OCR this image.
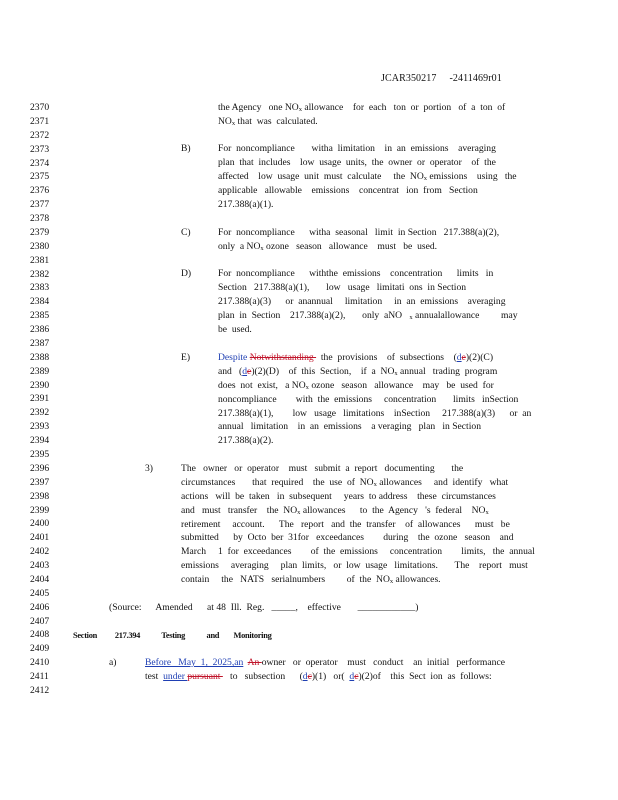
JCAR350217     -2411469r01
2370
2371
2372
2373
2374
2375
2376
2377
2378
2379
2380
2381
2382
2383
2384
2385
2386
2387
2388
2389
2390
2391
2392
2393
2394
2395
2396
2397
2398
2399
2400
2401
2402
2403
2404
2405
2406
2407
2408
2409
2410
2411
2412
B)
C)
D)
E)
3)
a)
the Agency   one NOx allowance    for  each   ton  or  portion   of  a  ton  of
NOx that  was  calculated.
For  noncompliance       witha  limitation    in  an  emissions    averaging
plan  that  includes    low  usage  units,  the  owner  or  operator    of  the
affected    low  usage  unit  must  calculate     the  NOx emissions    using   the
applicable   allowable    emissions    concentrat   ion  from   Section
217.388(a)(1).
For  noncompliance      witha  seasonal   limit  in Section   217.388(a)(2),
only  a NOx ozone   season   allowance    must   be  used.
For  noncompliance      withthe  emissions    concentration      limits   in
Section   217.388(a)(1),       low   usage   limitati  ons  in Section
217.388(a)(3)      or  anannual     limitation     in  an  emissions    averaging
plan  in  Section    217.388(a)(2),       only  aNO   x annualallowance         may
be  used.
Despite Notwithstanding   the  provisions    of  subsections    (de)(2)(C)
and   (de)(2)(D)    of  this  Section,    if  a  NOx annual   trading  program
does  not  exist,   a NOx ozone   season   allowance    may   be  used  for
noncompliance        with  the  emissions     concentration       limits   inSection
217.388(a)(1),        low   usage   limitations    inSection     217.388(a)(3)      or  an
annual   limitation    in  an  emissions    a veraging   plan   in Section
217.388(a)(2).
The   owner   or  operator    must   submit  a  report   documenting       the
circumstances       that  required    the  use  of  NOx allowances     and  identify   what
actions   will  be  taken   in  subsequent     years  to address    these  circumstances
and   must   transfer    the  NOx allowances      to  the  Agency   's  federal    NOx
retirement     account.      The   report   and  the  transfer    of  allowances      must   be
submitted      by  Octo  ber  31for   exceedances        during    the  ozone   season    and
March     1  for  exceedances        of  the  emissions     concentration        limits,   the  annual
emissions     averaging     plan  limits,   or  low  usage   limitations.       The    report   must
contain     the   NATS   serialnumbers         of  the  NOx allowances.
(Source:      Amended      at 48  Ill.  Reg.   _____,    effective       ____________)
Section          217.394            Testing            and        Monitoring
Before   May  1,  2025,an An owner   or  operator    must   conduct    an  initial   performance
test  under pursuant    to   subsection      (dc)(1)   or(  dc)(2)of    this  Sect  ion  as  follows:
